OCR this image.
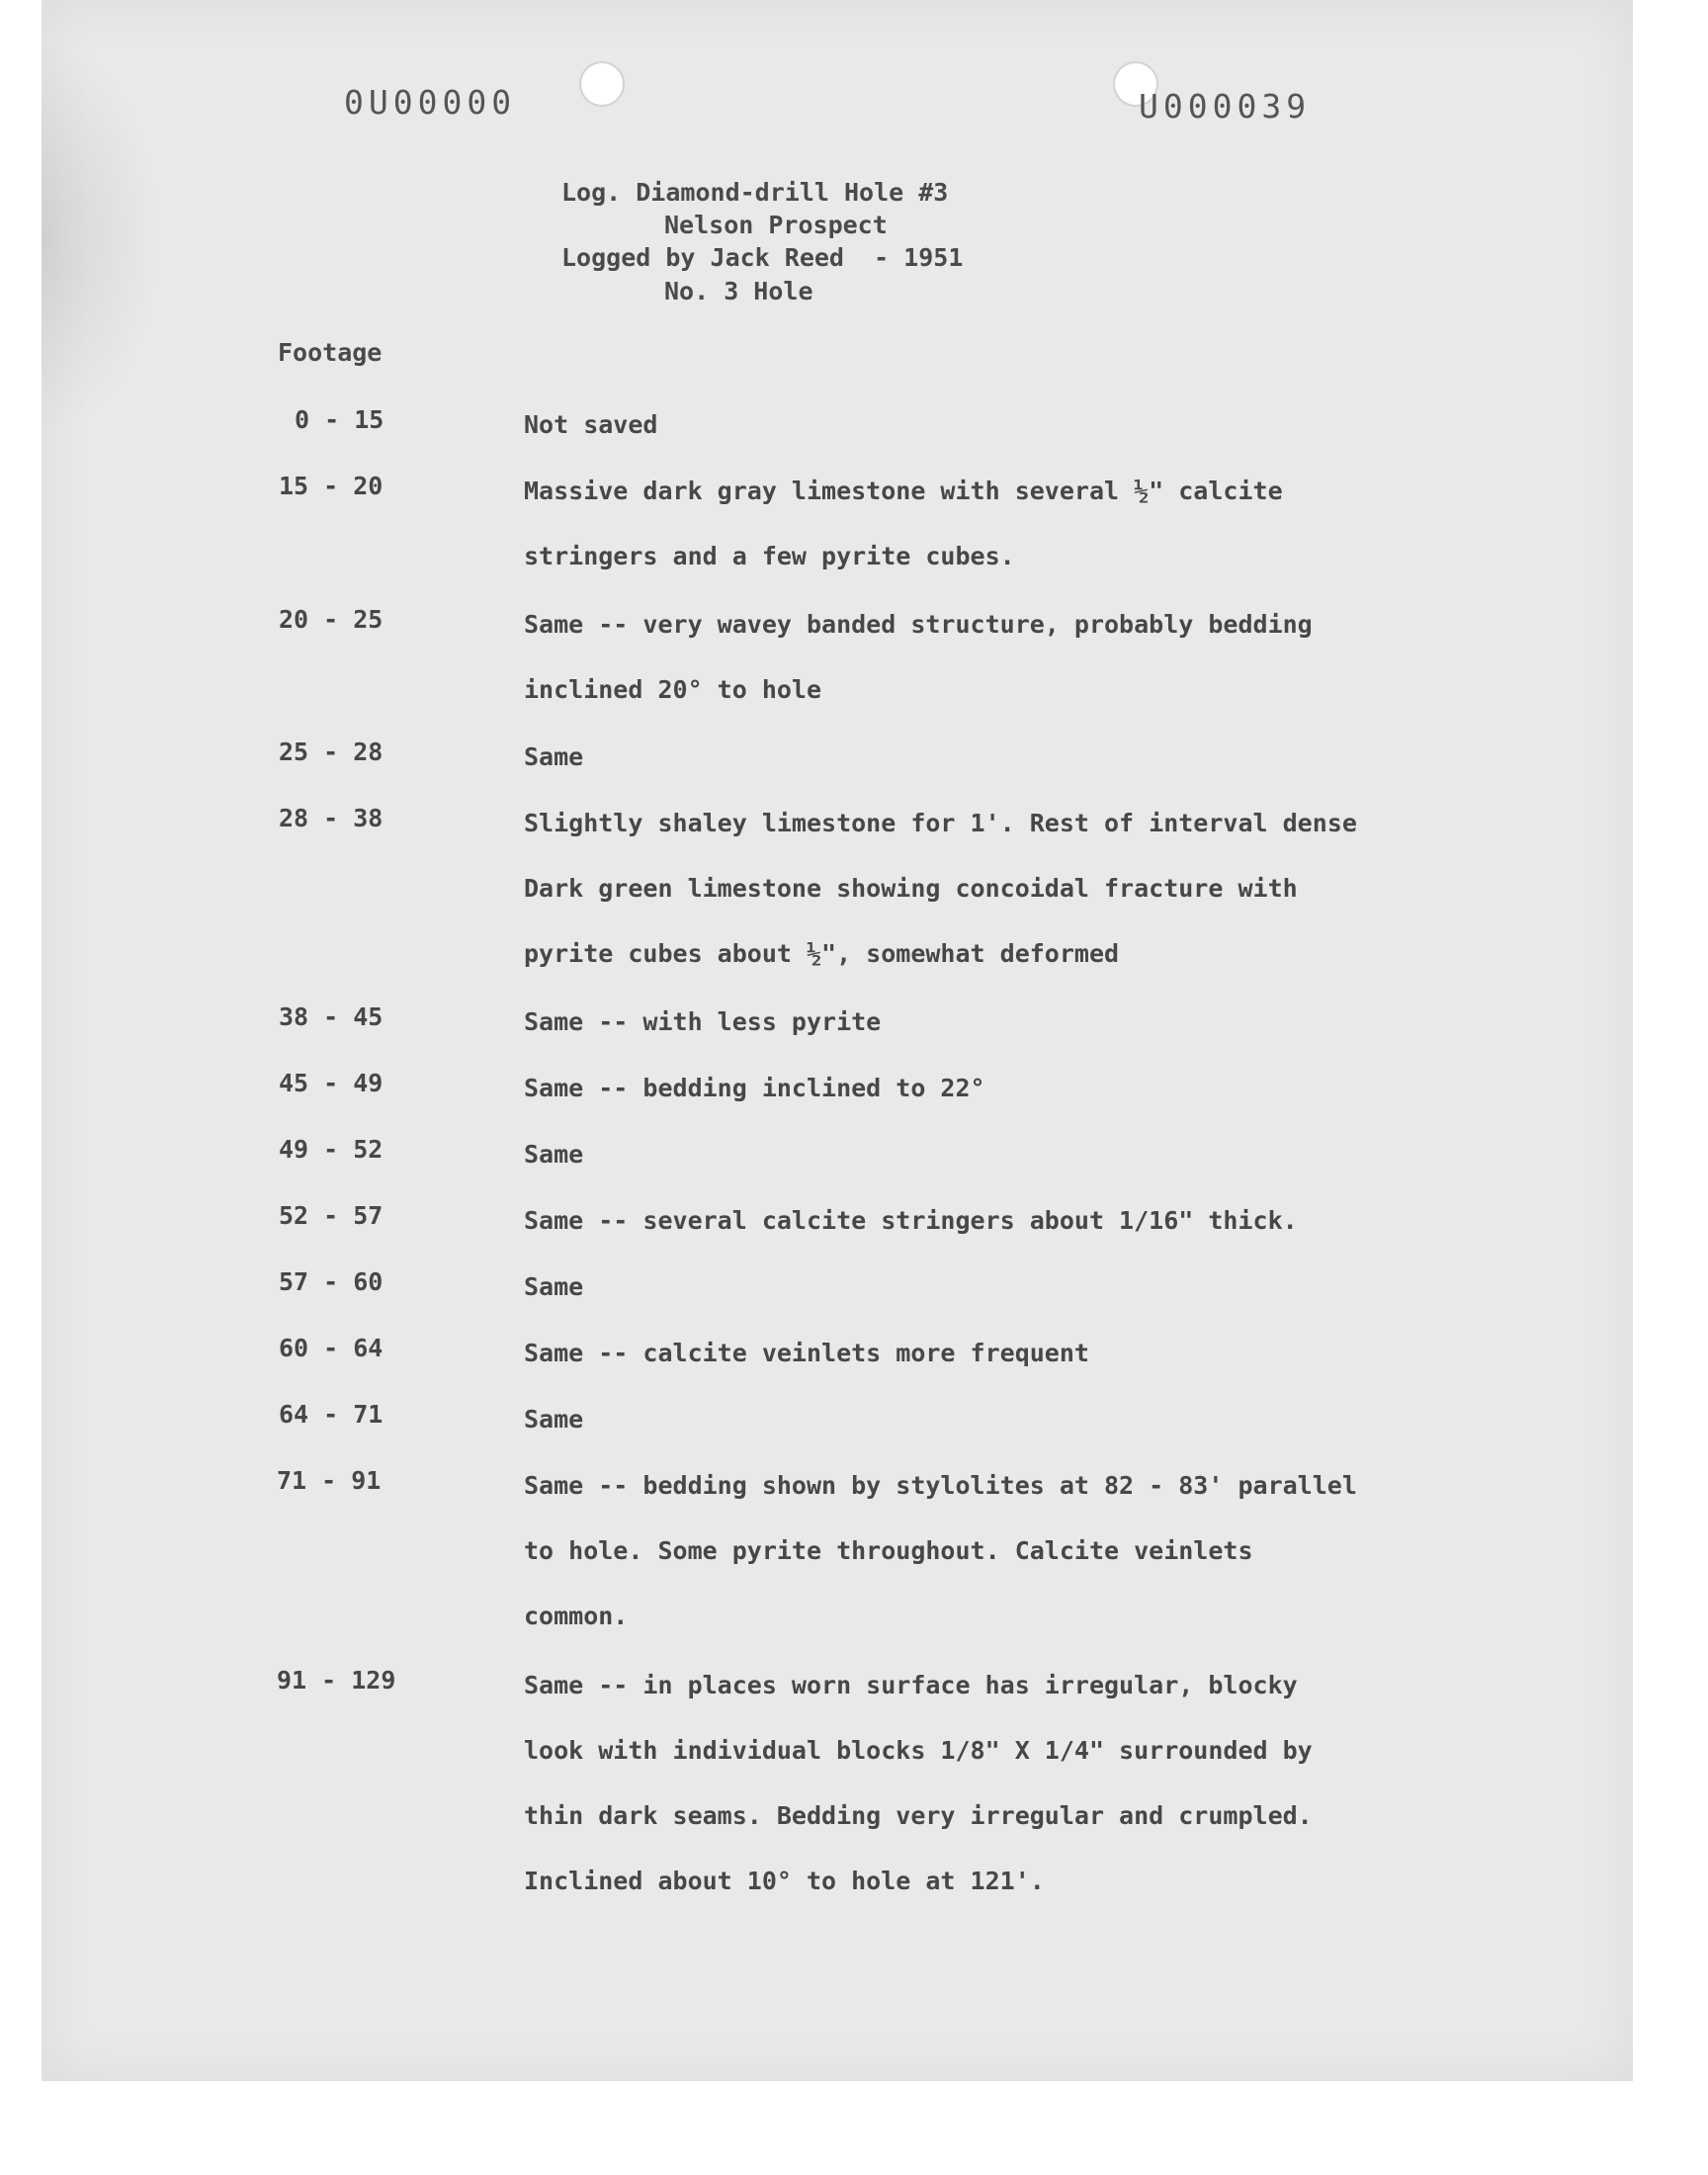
0U00000	U000039
Log. Diamond-drill Hole #3
Nelson Prospect
Logged by Jack Reed  - 1951
No. 3 Hole
Footage
0 - 15	Not saved
15 - 20	Massive dark gray limestone with several ½" calcite
stringers and a few pyrite cubes.
20 - 25	Same -- very wavey banded structure, probably bedding
inclined 20° to hole
25 - 28	Same
28 - 38	Slightly shaley limestone for 1'. Rest of interval dense
Dark green limestone showing concoidal fracture with
pyrite cubes about ½", somewhat deformed
38 - 45	Same -- with less pyrite
45 - 49	Same -- bedding inclined to 22°
49 - 52	Same
52 - 57	Same -- several calcite stringers about 1/16" thick.
57 - 60	Same
60 - 64	Same -- calcite veinlets more frequent
64 - 71	Same
71 - 91	Same -- bedding shown by stylolites at 82 - 83' parallel
to hole. Some pyrite throughout. Calcite veinlets
common.
91 - 129	Same -- in places worn surface has irregular, blocky
look with individual blocks 1/8" X 1/4" surrounded by
thin dark seams. Bedding very irregular and crumpled.
Inclined about 10° to hole at 121'.
